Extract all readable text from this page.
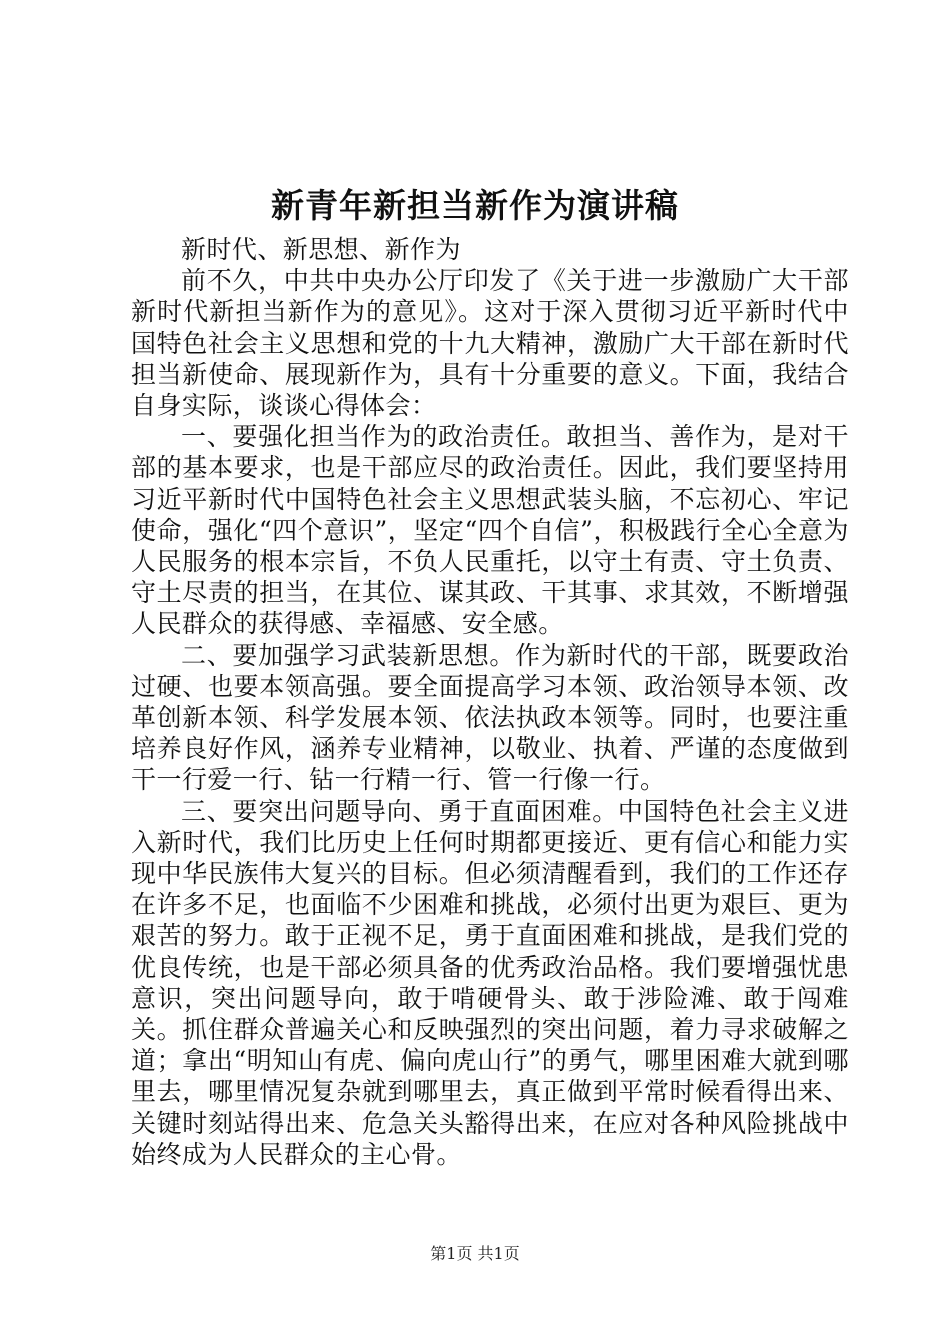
新青年新担当新作为演讲稿

新时代、新思想、新作为

前不久，中共中央办公厅印发了《关于进一步激励广大干部新时代新担当新作为的意见》。这对于深入贯彻习近平新时代中国特色社会主义思想和党的十九大精神，激励广大干部在新时代担当新使命、展现新作为，具有十分重要的意义。下面，我结合自身实际，谈谈心得体会：

一、要强化担当作为的政治责任。敢担当、善作为，是对干部的基本要求，也是干部应尽的政治责任。因此，我们要坚持用习近平新时代中国特色社会主义思想武装头脑，不忘初心、牢记使命，强化“四个意识”，坚定“四个自信”，积极践行全心全意为人民服务的根本宗旨，不负人民重托，以守土有责、守土负责、守土尽责的担当，在其位、谋其政、干其事、求其效，不断增强人民群众的获得感、幸福感、安全感。

二、要加强学习武装新思想。作为新时代的干部，既要政治过硬、也要本领高强。要全面提高学习本领、政治领导本领、改革创新本领、科学发展本领、依法执政本领等。同时，也要注重培养良好作风，涵养专业精神，以敬业、执着、严谨的态度做到干一行爱一行、钻一行精一行、管一行像一行。

三、要突出问题导向、勇于直面困难。中国特色社会主义进入新时代，我们比历史上任何时期都更接近、更有信心和能力实现中华民族伟大复兴的目标。但必须清醒看到，我们的工作还存在许多不足，也面临不少困难和挑战，必须付出更为艰巨、更为艰苦的努力。敢于正视不足，勇于直面困难和挑战，是我们党的优良传统，也是干部必须具备的优秀政治品格。我们要增强忧患意识，突出问题导向，敢于啃硬骨头、敢于涉险滩、敢于闯难关。抓住群众普遍关心和反映强烈的突出问题，着力寻求破解之道；拿出“明知山有虎、偏向虎山行”的勇气，哪里困难大就到哪里去，哪里情况复杂就到哪里去，真正做到平常时候看得出来、关键时刻站得出来、危急关头豁得出来，在应对各种风险挑战中始终成为人民群众的主心骨。

第1页 共1页
